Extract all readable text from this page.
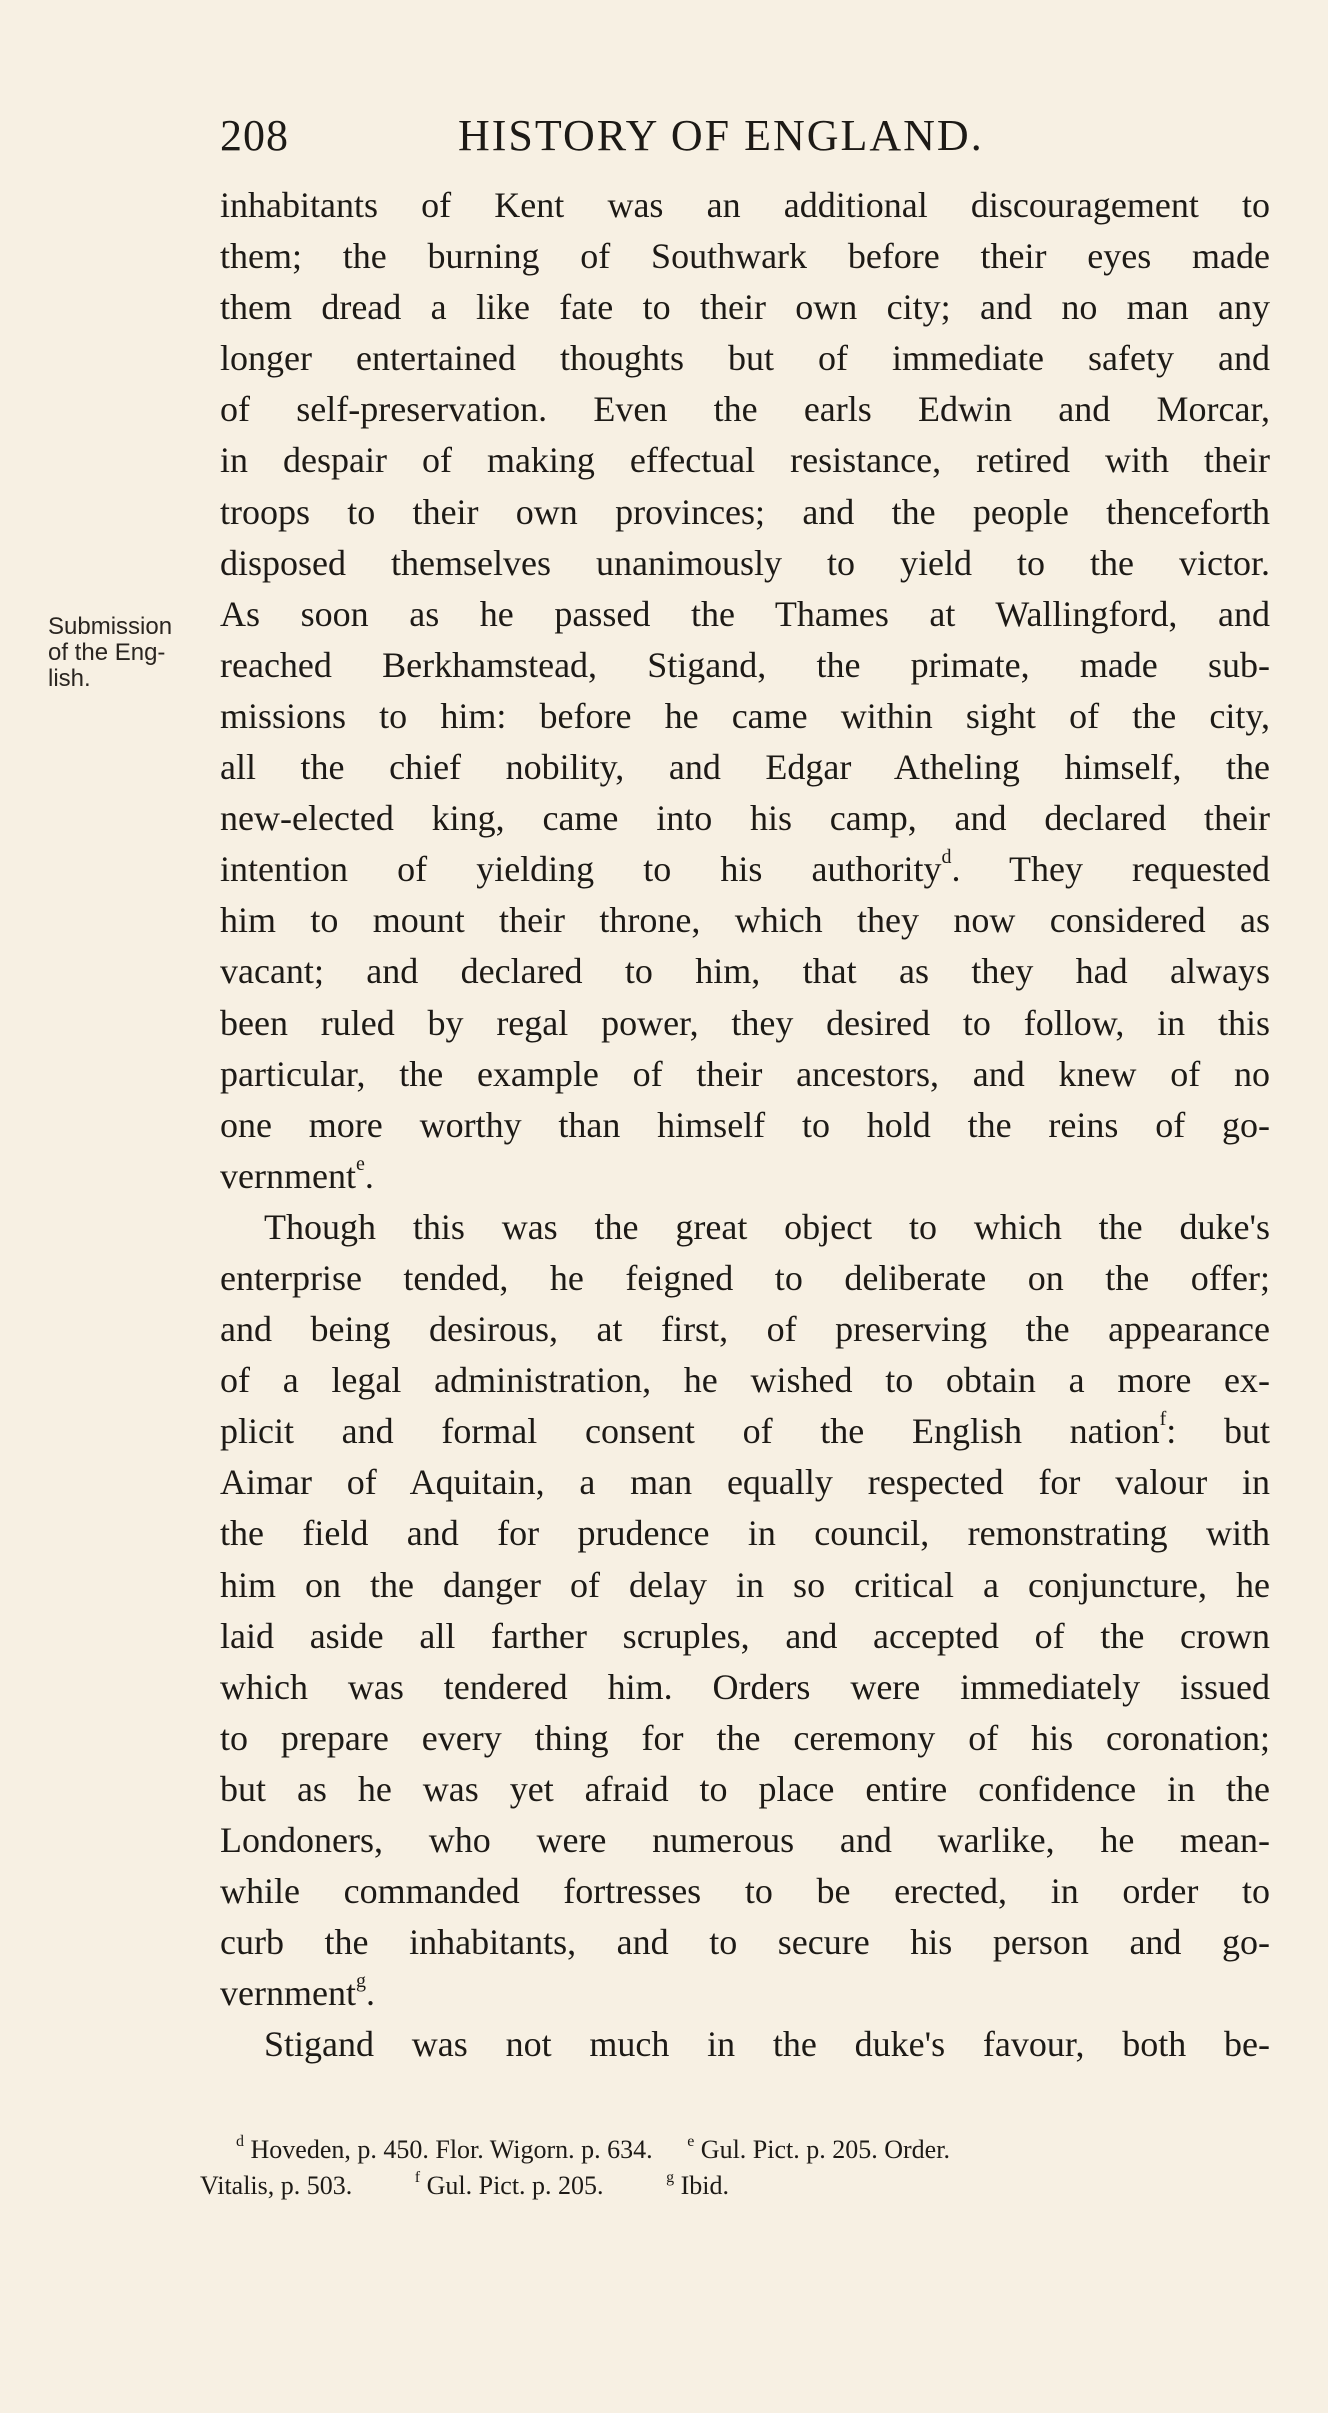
208	HISTORY OF ENGLAND.
Submission
of the Eng-
lish.
inhabitants of Kent was an additional discouragement to
them; the burning of Southwark before their eyes made
them dread a like fate to their own city; and no man any
longer entertained thoughts but of immediate safety and
of self-preservation. Even the earls Edwin and Morcar,
in despair of making effectual resistance, retired with their
troops to their own provinces; and the people thenceforth
disposed themselves unanimously to yield to the victor.
As soon as he passed the Thames at Wallingford, and
reached Berkhamstead, Stigand, the primate, made sub-
missions to him: before he came within sight of the city,
all the chief nobility, and Edgar Atheling himself, the
new-elected king, came into his camp, and declared their
intention of yielding to his authority$^d$. They requested
him to mount their throne, which they now considered as
vacant; and declared to him, that as they had always
been ruled by regal power, they desired to follow, in this
particular, the example of their ancestors, and knew of no
one more worthy than himself to hold the reins of go-
vernment$^e$.
Though this was the great object to which the duke's
enterprise tended, he feigned to deliberate on the offer;
and being desirous, at first, of preserving the appearance
of a legal administration, he wished to obtain a more ex-
plicit and formal consent of the English nation$^f$: but
Aimar of Aquitain, a man equally respected for valour in
the field and for prudence in council, remonstrating with
him on the danger of delay in so critical a conjuncture, he
laid aside all farther scruples, and accepted of the crown
which was tendered him. Orders were immediately issued
to prepare every thing for the ceremony of his coronation;
but as he was yet afraid to place entire confidence in the
Londoners, who were numerous and warlike, he mean-
while commanded fortresses to be erected, in order to
curb the inhabitants, and to secure his person and go-
vernment$^g$.
Stigand was not much in the duke's favour, both be-
$^d$ Hoveden, p. 450. Flor. Wigorn. p. 634. $^e$ Gul. Pict. p. 205. Order.
Vitalis, p. 503.	$^f$ Gul. Pict. p. 205.	$^g$ Ibid.
